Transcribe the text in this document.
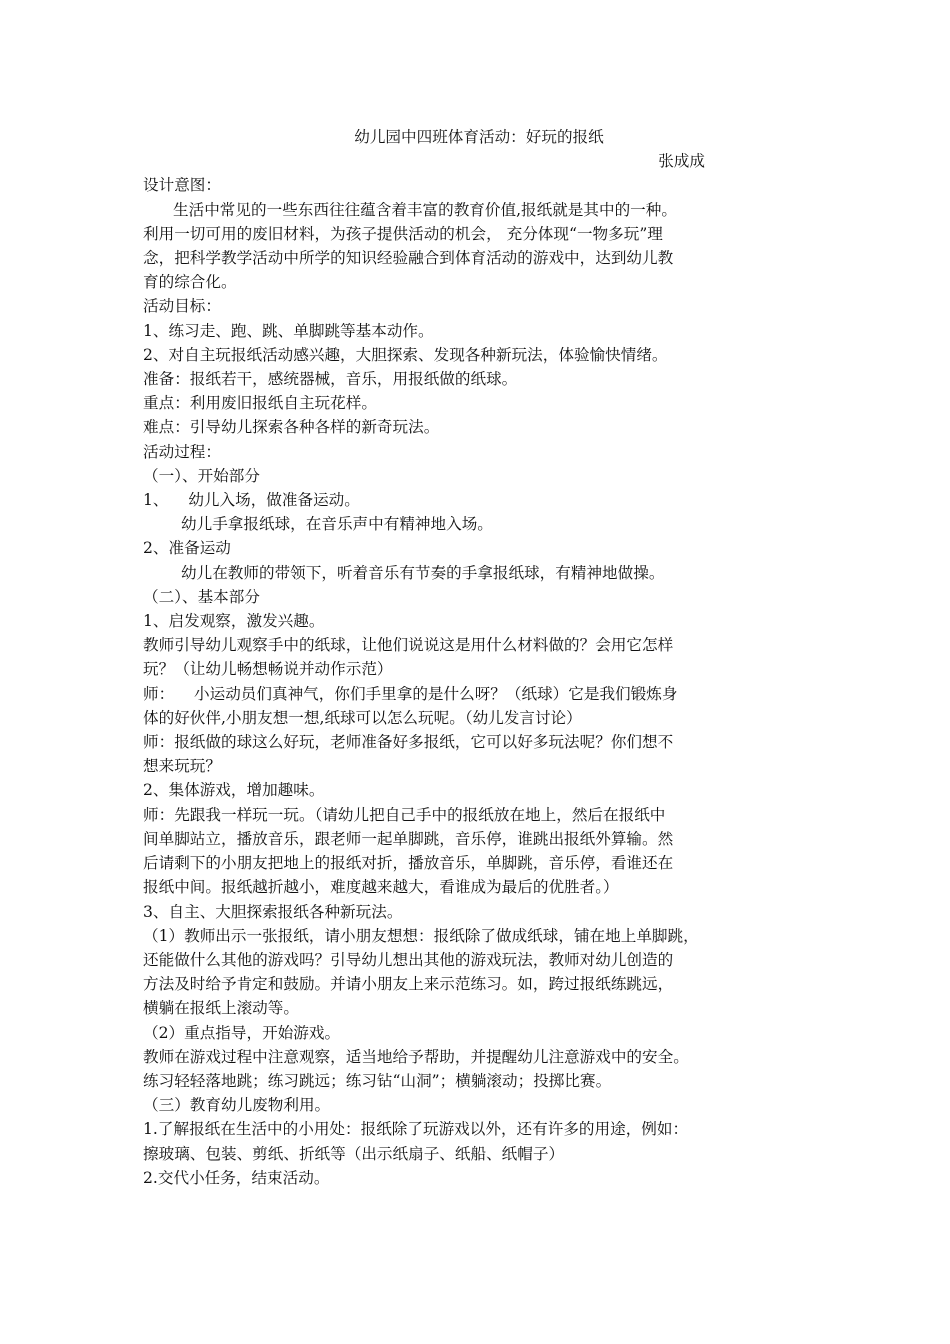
幼儿园中四班体育活动：好玩的报纸
张成成
设计意图：
生活中常见的一些东西往往蕴含着丰富的教育价值,报纸就是其中的一种。
利用一切可用的废旧材料，为孩子提供活动的机会， 充分体现“一物多玩”理
念，把科学教学活动中所学的知识经验融合到体育活动的游戏中，达到幼儿教
育的综合化。
活动目标：
1、练习走、跑、跳、单脚跳等基本动作。
2、对自主玩报纸活动感兴趣，大胆探索、发现各种新玩法，体验愉快情绪。
准备：报纸若干，感统器械，音乐，用报纸做的纸球。
重点：利用废旧报纸自主玩花样。
难点：引导幼儿探索各种各样的新奇玩法。
活动过程：
（一）、开始部分
1、    幼儿入场，做准备运动。
幼儿手拿报纸球，在音乐声中有精神地入场。
2、准备运动
幼儿在教师的带领下，听着音乐有节奏的手拿报纸球，有精神地做操。
（二）、基本部分
1、启发观察，激发兴趣。
教师引导幼儿观察手中的纸球，让他们说说这是用什么材料做的？会用它怎样
玩？（让幼儿畅想畅说并动作示范）
师：    小运动员们真神气，你们手里拿的是什么呀？（纸球）它是我们锻炼身
体的好伙伴,小朋友想一想,纸球可以怎么玩呢。（幼儿发言讨论）
师：报纸做的球这么好玩，老师准备好多报纸，它可以好多玩法呢？你们想不
想来玩玩？
2、集体游戏，增加趣味。
师：先跟我一样玩一玩。（请幼儿把自己手中的报纸放在地上，然后在报纸中
间单脚站立，播放音乐，跟老师一起单脚跳，音乐停，谁跳出报纸外算输。然
后请剩下的小朋友把地上的报纸对折，播放音乐，单脚跳，音乐停，看谁还在
报纸中间。报纸越折越小，难度越来越大，看谁成为最后的优胜者。）
3、自主、大胆探索报纸各种新玩法。
（1）教师出示一张报纸，请小朋友想想：报纸除了做成纸球，铺在地上单脚跳，
还能做什么其他的游戏吗？引导幼儿想出其他的游戏玩法，教师对幼儿创造的
方法及时给予肯定和鼓励。并请小朋友上来示范练习。如，跨过报纸练跳远，
横躺在报纸上滚动等。
（2）重点指导，开始游戏。
教师在游戏过程中注意观察，适当地给予帮助，并提醒幼儿注意游戏中的安全。
练习轻轻落地跳；练习跳远；练习钻“山洞”；横躺滚动；投掷比赛。
（三）教育幼儿废物利用。
1.了解报纸在生活中的小用处：报纸除了玩游戏以外，还有许多的用途，例如：
擦玻璃、包装、剪纸、折纸等（出示纸扇子、纸船、纸帽子）
2.交代小任务，结束活动。
